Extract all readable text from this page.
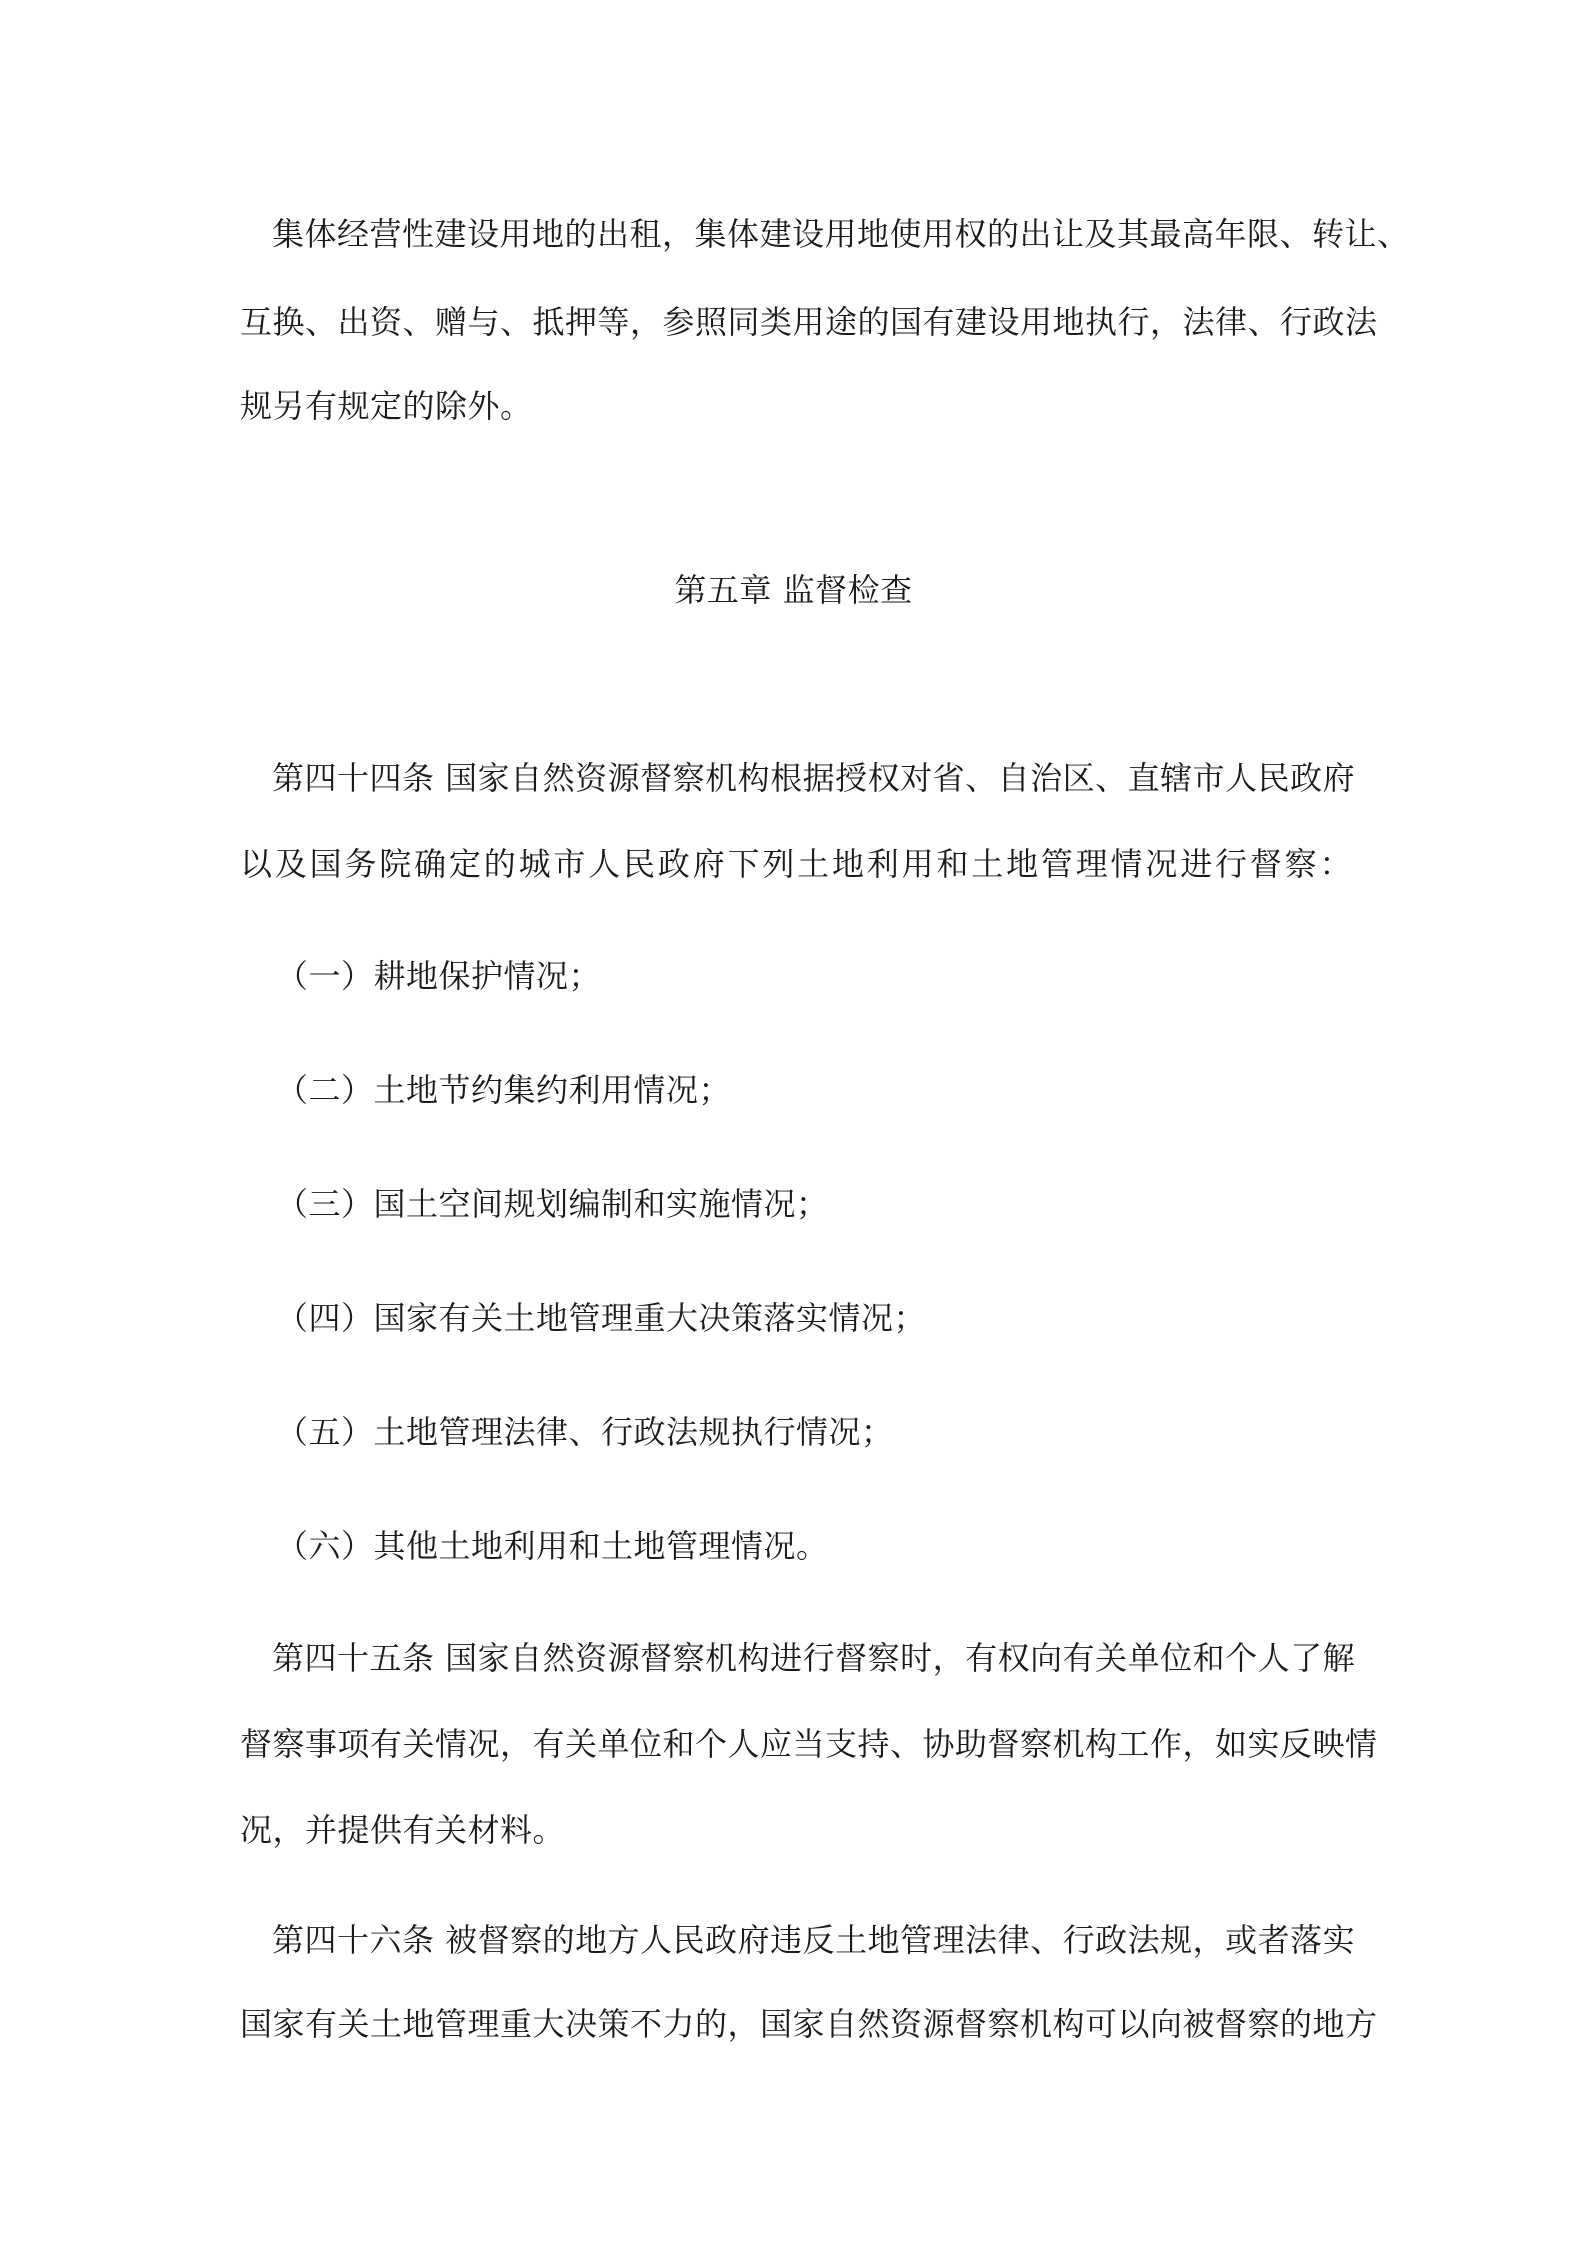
集体经营性建设用地的出租，集体建设用地使用权的出让及其最高年限、转让、

互换、出资、赠与、抵押等，参照同类用途的国有建设用地执行，法律、行政法

规另有规定的除外。

第五章 监督检查

第四十四条 国家自然资源督察机构根据授权对省、自治区、直辖市人民政府

以及国务院确定的城市人民政府下列土地利用和土地管理情况进行督察：

（一）耕地保护情况；

（二）土地节约集约利用情况；

（三）国土空间规划编制和实施情况；

（四）国家有关土地管理重大决策落实情况；

（五）土地管理法律、行政法规执行情况；

（六）其他土地利用和土地管理情况。

第四十五条 国家自然资源督察机构进行督察时，有权向有关单位和个人了解

督察事项有关情况，有关单位和个人应当支持、协助督察机构工作，如实反映情

况，并提供有关材料。

第四十六条 被督察的地方人民政府违反土地管理法律、行政法规，或者落实

国家有关土地管理重大决策不力的，国家自然资源督察机构可以向被督察的地方
